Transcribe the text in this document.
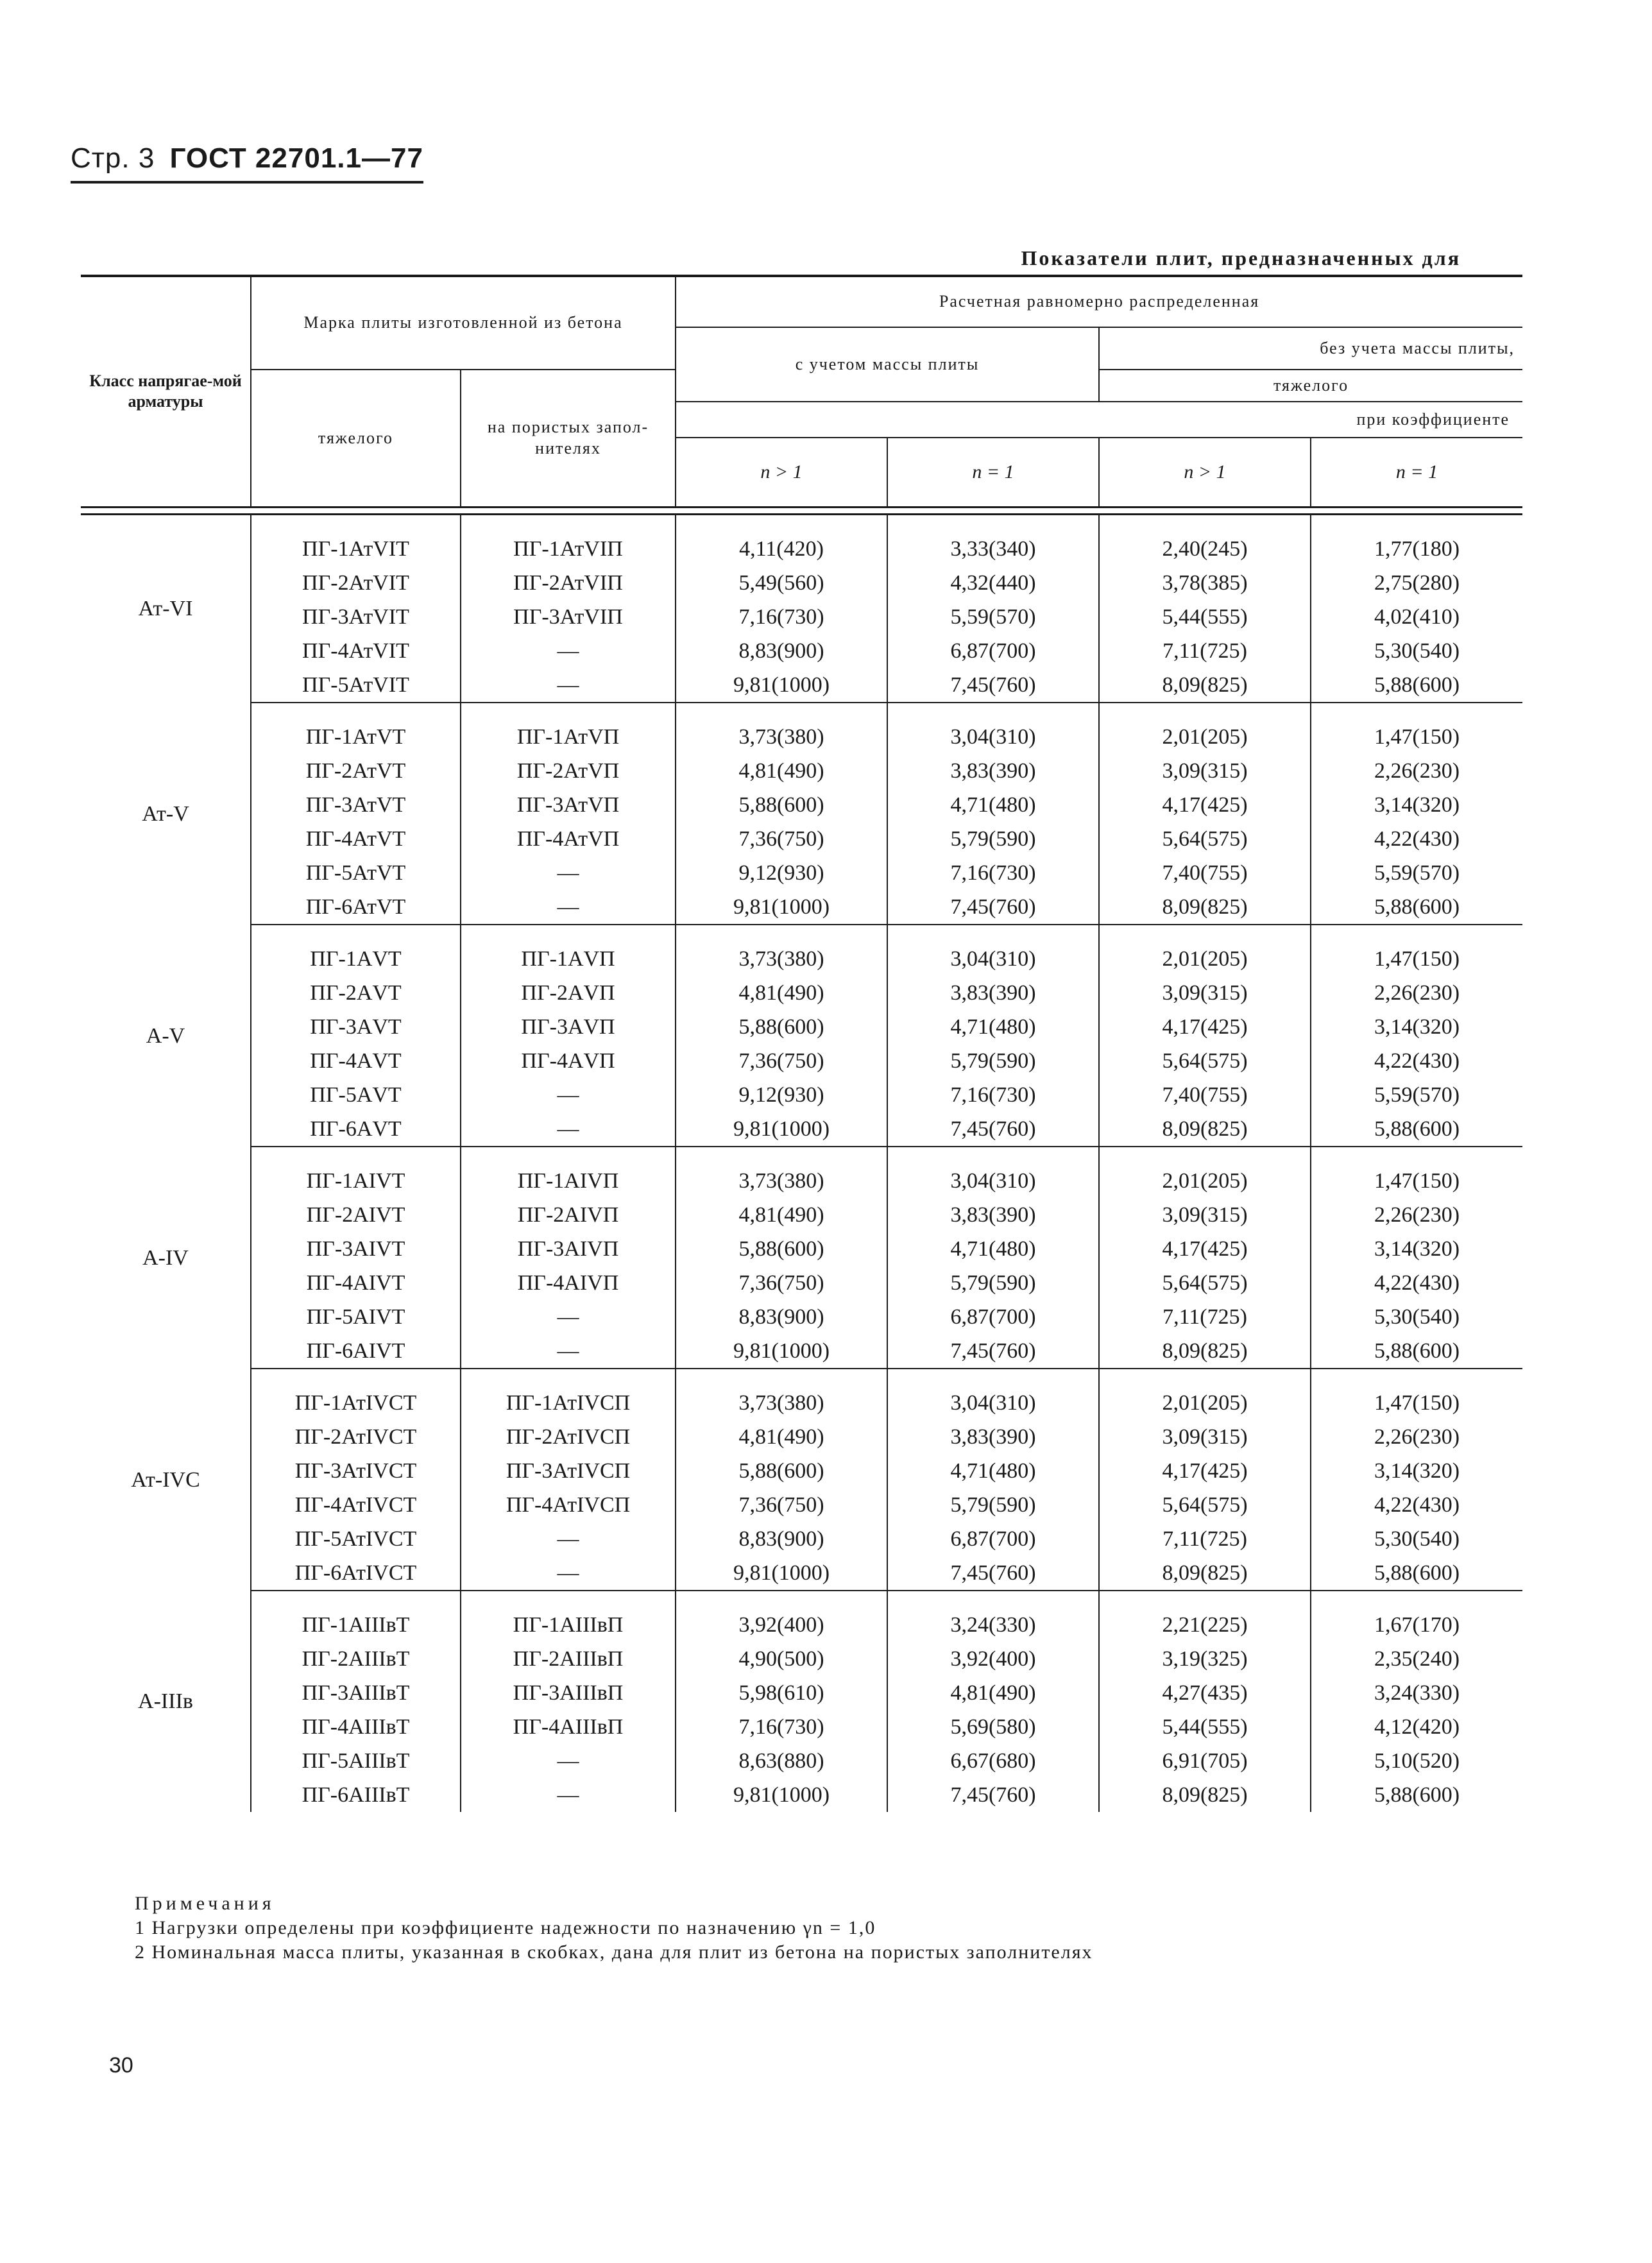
Стр. 3 ГОСТ 22701.1—77
Показатели плит, предназначенных для
Класс напрягае-мой арматуры	Марка плиты изготовленной из бетона		Расчетная равномерно распределенная			
			с учетом массы плиты		без учета массы плиты,	
	тяжелого	на пористых запол-нителях			тяжелого	
			при коэффициенте			
			n > 1	n = 1	n > 1	n = 1

Ат-VI	ПГ-1АтVIТ	ПГ-1АтVIП	4,11(420)	3,33(340)	2,40(245)	1,77(180)
	ПГ-2АтVIТ	ПГ-2АтVIП	5,49(560)	4,32(440)	3,78(385)	2,75(280)
	ПГ-3АтVIТ	ПГ-3АтVIП	7,16(730)	5,59(570)	5,44(555)	4,02(410)
	ПГ-4АтVIТ	—	8,83(900)	6,87(700)	7,11(725)	5,30(540)
	ПГ-5АтVIТ	—	9,81(1000)	7,45(760)	8,09(825)	5,88(600)

Ат-V	ПГ-1АтVТ	ПГ-1АтVП	3,73(380)	3,04(310)	2,01(205)	1,47(150)
	ПГ-2АтVТ	ПГ-2АтVП	4,81(490)	3,83(390)	3,09(315)	2,26(230)
	ПГ-3АтVТ	ПГ-3АтVП	5,88(600)	4,71(480)	4,17(425)	3,14(320)
	ПГ-4АтVТ	ПГ-4АтVП	7,36(750)	5,79(590)	5,64(575)	4,22(430)
	ПГ-5АтVТ	—	9,12(930)	7,16(730)	7,40(755)	5,59(570)
	ПГ-6АтVТ	—	9,81(1000)	7,45(760)	8,09(825)	5,88(600)

А-V	ПГ-1АVТ	ПГ-1АVП	3,73(380)	3,04(310)	2,01(205)	1,47(150)
	ПГ-2АVТ	ПГ-2АVП	4,81(490)	3,83(390)	3,09(315)	2,26(230)
	ПГ-3АVТ	ПГ-3АVП	5,88(600)	4,71(480)	4,17(425)	3,14(320)
	ПГ-4АVТ	ПГ-4АVП	7,36(750)	5,79(590)	5,64(575)	4,22(430)
	ПГ-5АVТ	—	9,12(930)	7,16(730)	7,40(755)	5,59(570)
	ПГ-6АVТ	—	9,81(1000)	7,45(760)	8,09(825)	5,88(600)

А-IV	ПГ-1АIVТ	ПГ-1АIVП	3,73(380)	3,04(310)	2,01(205)	1,47(150)
	ПГ-2АIVТ	ПГ-2АIVП	4,81(490)	3,83(390)	3,09(315)	2,26(230)
	ПГ-3АIVТ	ПГ-3АIVП	5,88(600)	4,71(480)	4,17(425)	3,14(320)
	ПГ-4АIVТ	ПГ-4АIVП	7,36(750)	5,79(590)	5,64(575)	4,22(430)
	ПГ-5АIVТ	—	8,83(900)	6,87(700)	7,11(725)	5,30(540)
	ПГ-6АIVТ	—	9,81(1000)	7,45(760)	8,09(825)	5,88(600)

Ат-IVС	ПГ-1АтIVСТ	ПГ-1АтIVСП	3,73(380)	3,04(310)	2,01(205)	1,47(150)
	ПГ-2АтIVСТ	ПГ-2АтIVСП	4,81(490)	3,83(390)	3,09(315)	2,26(230)
	ПГ-3АтIVСТ	ПГ-3АтIVСП	5,88(600)	4,71(480)	4,17(425)	3,14(320)
	ПГ-4АтIVСТ	ПГ-4АтIVСП	7,36(750)	5,79(590)	5,64(575)	4,22(430)
	ПГ-5АтIVСТ	—	8,83(900)	6,87(700)	7,11(725)	5,30(540)
	ПГ-6АтIVСТ	—	9,81(1000)	7,45(760)	8,09(825)	5,88(600)

А-IIIв	ПГ-1АIIIвТ	ПГ-1АIIIвП	3,92(400)	3,24(330)	2,21(225)	1,67(170)
	ПГ-2АIIIвТ	ПГ-2АIIIвП	4,90(500)	3,92(400)	3,19(325)	2,35(240)
	ПГ-3АIIIвТ	ПГ-3АIIIвП	5,98(610)	4,81(490)	4,27(435)	3,24(330)
	ПГ-4АIIIвТ	ПГ-4АIIIвП	7,16(730)	5,69(580)	5,44(555)	4,12(420)
	ПГ-5АIIIвТ	—	8,63(880)	6,67(680)	6,91(705)	5,10(520)
	ПГ-6АIIIвТ	—	9,81(1000)	7,45(760)	8,09(825)	5,88(600)
Примечания
1 Нагрузки определены при коэффициенте надежности по назначению γn = 1,0
2 Номинальная масса плиты, указанная в скобках, дана для плит из бетона на пористых заполнителях
30
